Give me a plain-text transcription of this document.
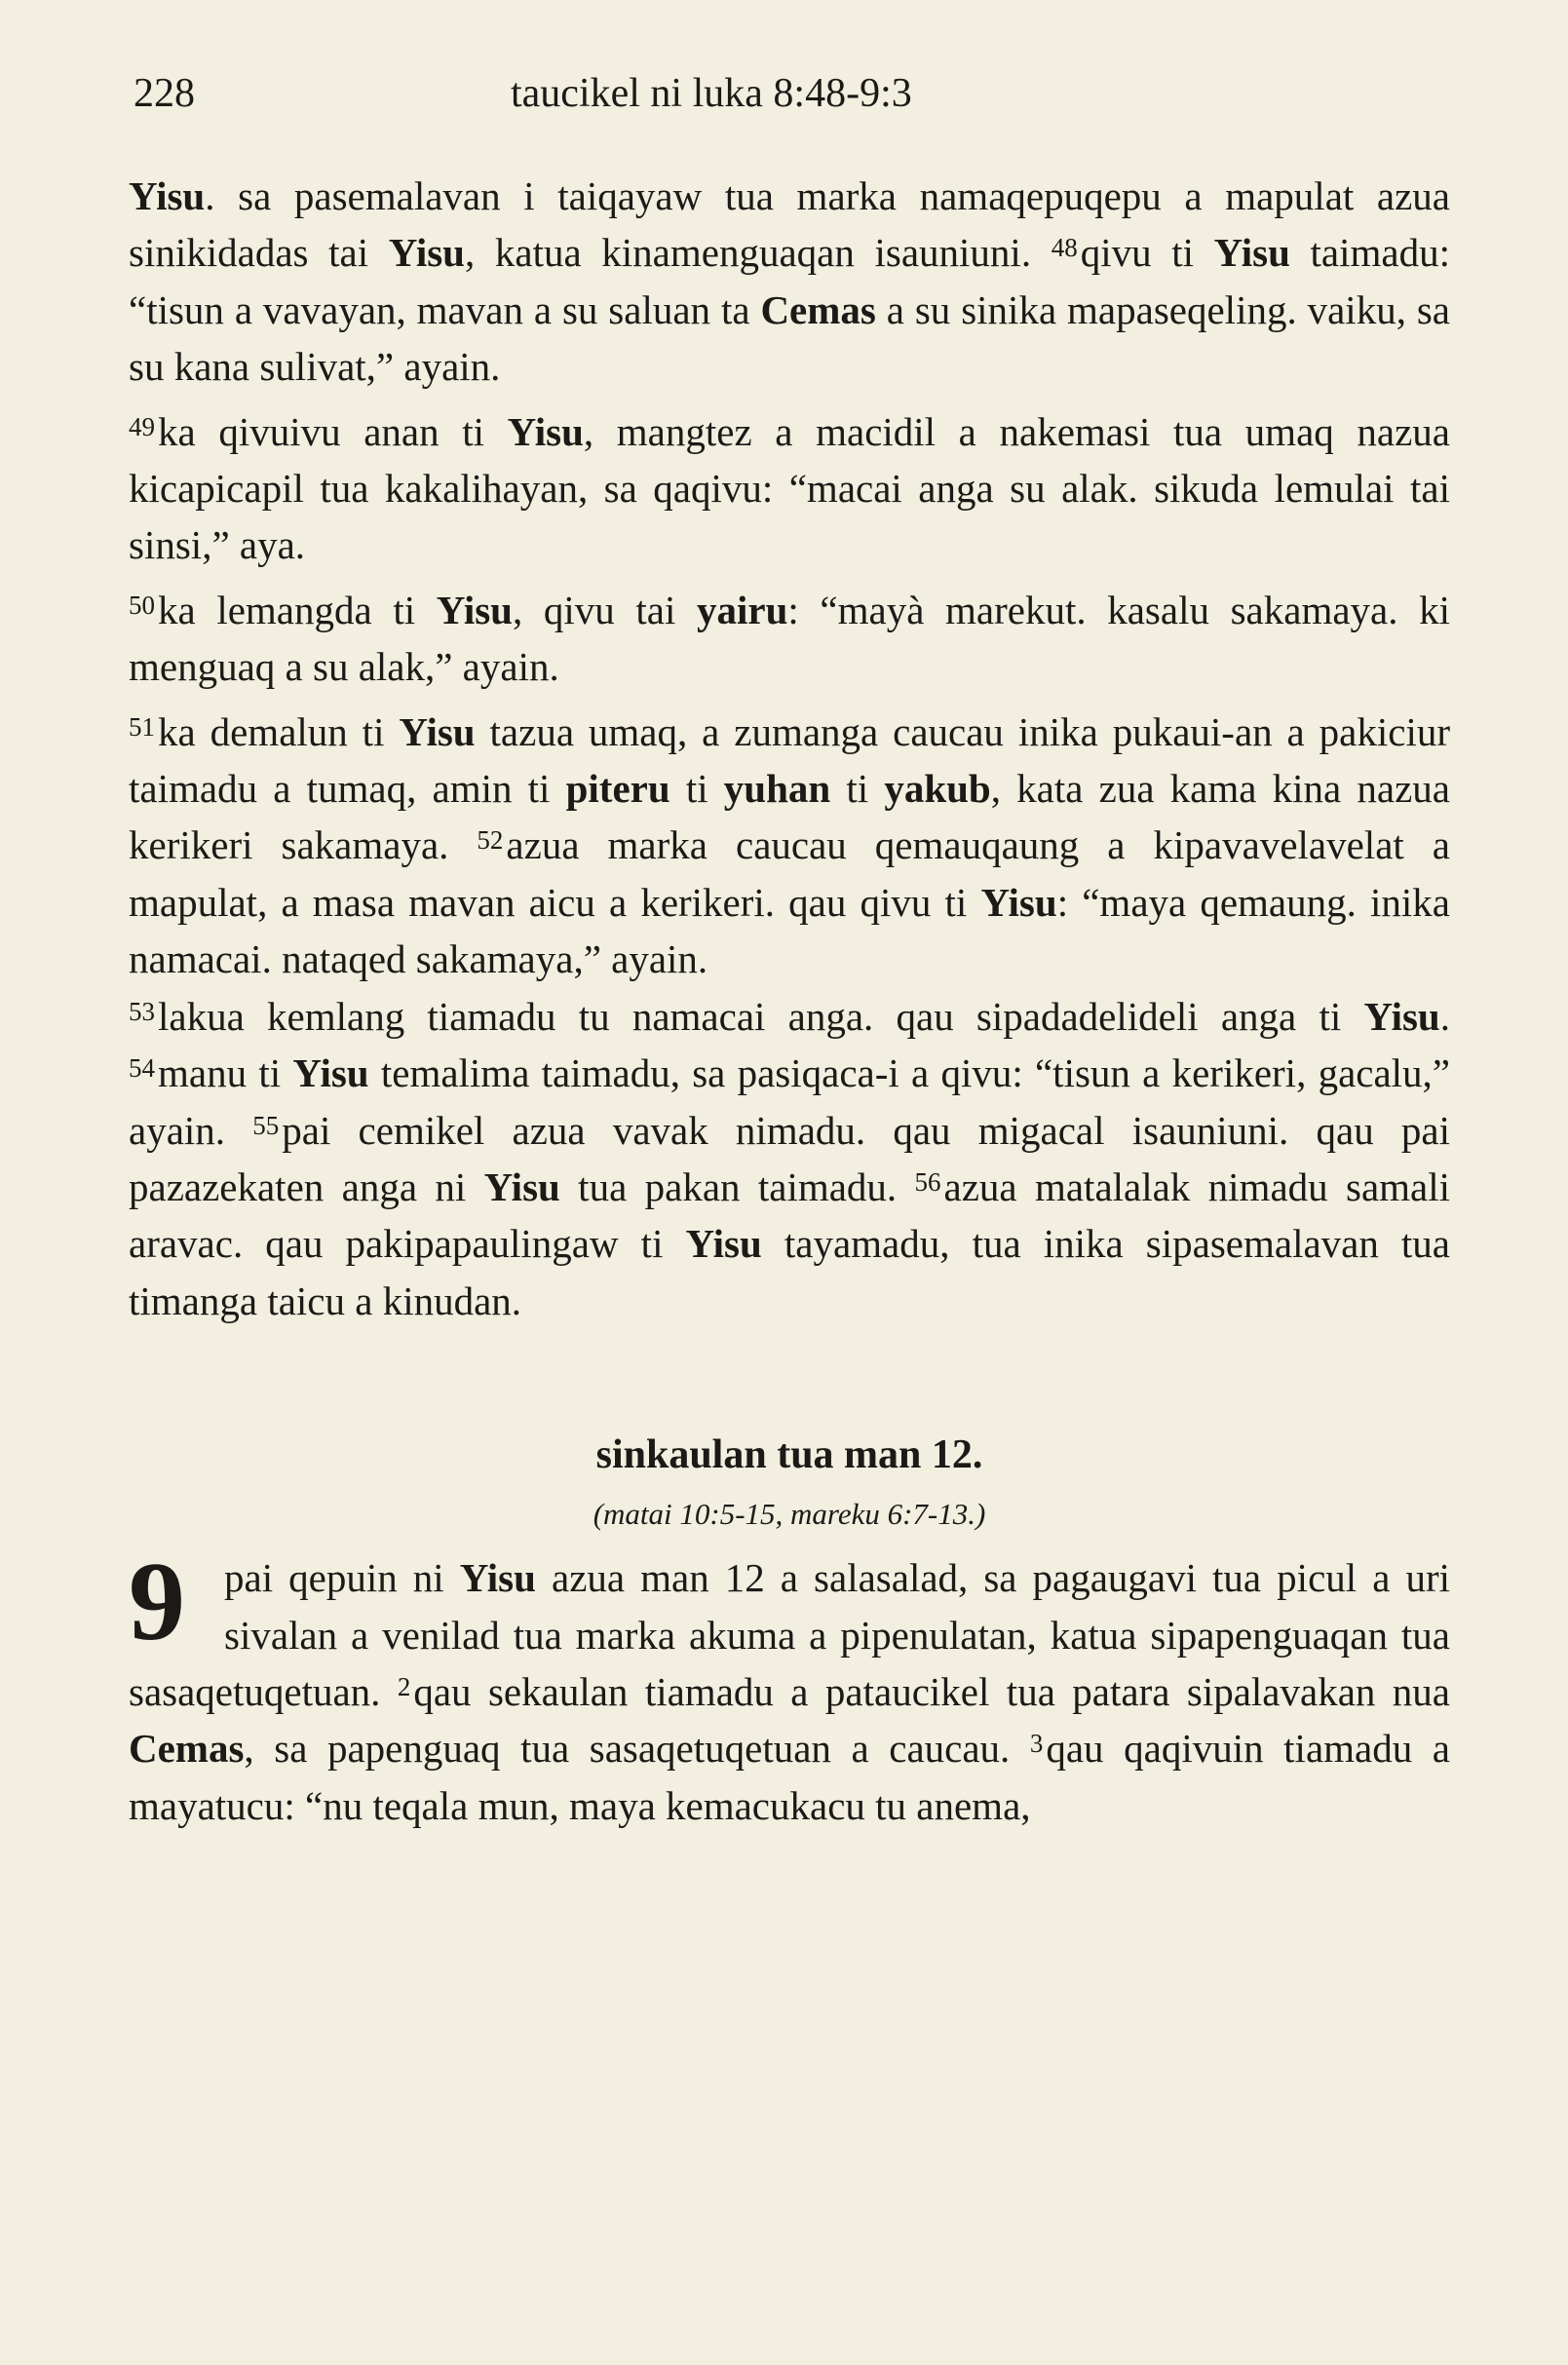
228	taucikel ni luka 8:48-9:3

Yisu. sa pasemalavan i taiqayaw tua marka namaqepuqepu a mapulat azua sinikidadas tai Yisu, katua kinamenguaqan isauniuni. $^{48}$qivu ti Yisu taimadu: “tisun a vavayan, mavan a su saluan ta Cemas a su sinika mapaseqeling. vaiku, sa su kana sulivat,” ayain.

$^{49}$ka qivuivu anan ti Yisu, mangtez a macidil a nakemasi tua umaq nazua kicapicapil tua kakalihayan, sa qaqivu: “macai anga su alak. sikuda lemulai tai sinsi,” aya.

$^{50}$ka lemangda ti Yisu, qivu tai yairu: “mayà marekut. kasalu sakamaya. ki menguaq a su alak,” ayain.

$^{51}$ka demalun ti Yisu tazua umaq, a zumanga caucau inika pukaui-an a pakiciur taimadu a tumaq, amin ti piteru ti yuhan ti yakub, kata zua kama kina nazua kerikeri sakamaya. $^{52}$azua marka caucau qemauqaung a kipavavelavelat a mapulat, a masa mavan aicu a kerikeri. qau qivu ti Yisu: “maya qemaung. inika namacai. nataqed sakamaya,” ayain.
$^{53}$lakua kemlang tiamadu tu namacai anga. qau sipadadelideli anga ti Yisu. $^{54}$manu ti Yisu temalima taimadu, sa pasiqaca-i a qivu: “tisun a kerikeri, gacalu,” ayain. $^{55}$pai cemikel azua vavak nimadu. qau migacal isauniuni. qau pai pazazekaten anga ni Yisu tua pakan taimadu. $^{56}$azua matalalak nimadu samali aravac. qau pakipapaulingaw ti Yisu tayamadu, tua inika sipasemalavan tua timanga taicu a kinudan.

sinkaulan tua man 12.
(matai 10:5-15, mareku 6:7-13.)

9 pai qepuin ni Yisu azua man 12 a salasalad, sa pagaugavi tua picul a uri sivalan a venilad tua marka akuma a pipenulatan, katua sipapenguaqan tua sasaqetuqetuan. $^2$qau sekaulan tiamadu a pataucikel tua patara sipalavakan nua Cemas, sa papenguaq tua sasaqetuqetuan a caucau. $^3$qau qaqivuin tiamadu a mayatucu: “nu teqala mun, maya kemacukacu tu anema,
